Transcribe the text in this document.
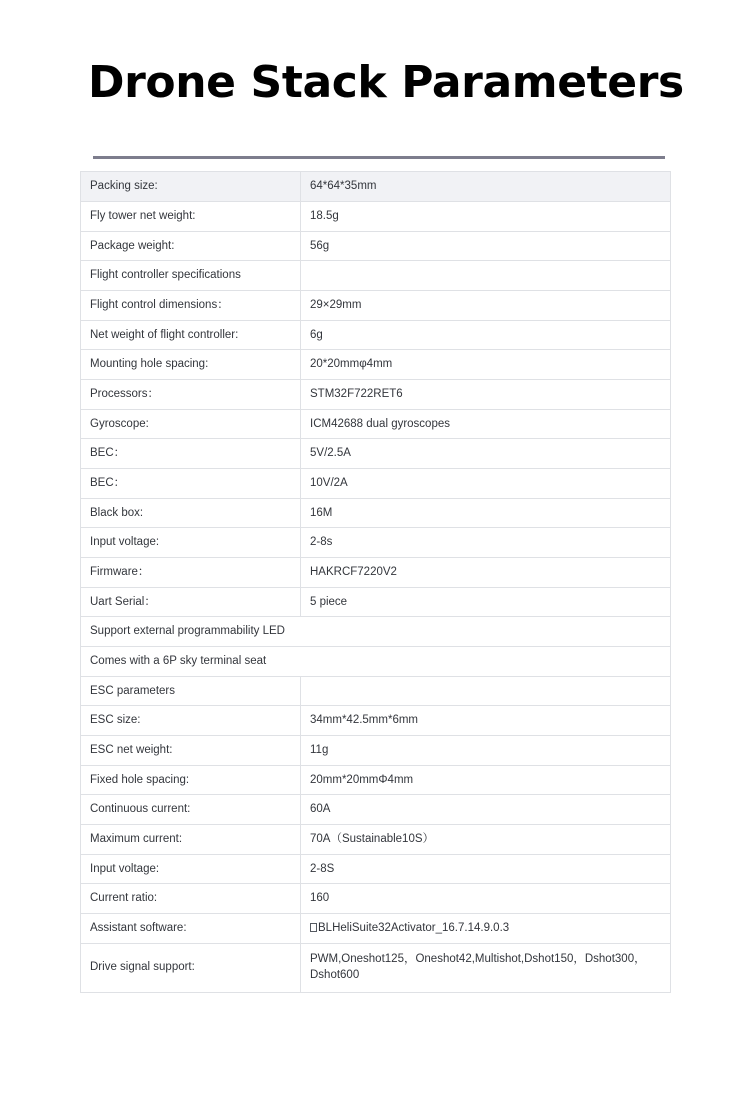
Drone Stack Parameters
Packing size:	64*64*35mm
Fly tower net weight:	18.5g
Package weight:	56g
Flight controller specifications	
Flight control dimensions：	29×29mm
Net weight of flight controller:	6g
Mounting hole spacing:	20*20mmφ4mm
Processors：	STM32F722RET6
Gyroscope:	ICM42688 dual gyroscopes
BEC：	5V/2.5A
BEC：	10V/2A
Black box:	16M
Input voltage:	2-8s
Firmware：	HAKRCF7220V2
Uart Serial：	5 piece
Support external programmability LED	
Comes with a 6P sky terminal seat	
ESC parameters	
ESC size:	34mm*42.5mm*6mm
ESC net weight:	11g
Fixed hole spacing:	20mm*20mmΦ4mm
Continuous current:	60A
Maximum current:	70A（Sustainable10S）
Input voltage:	2-8S
Current ratio:	160
Assistant software:	BLHeliSuite32Activator_16.7.14.9.0.3
Drive signal support:	PWM,Oneshot125，Oneshot42,Multishot,Dshot150，Dshot300，Dshot600
